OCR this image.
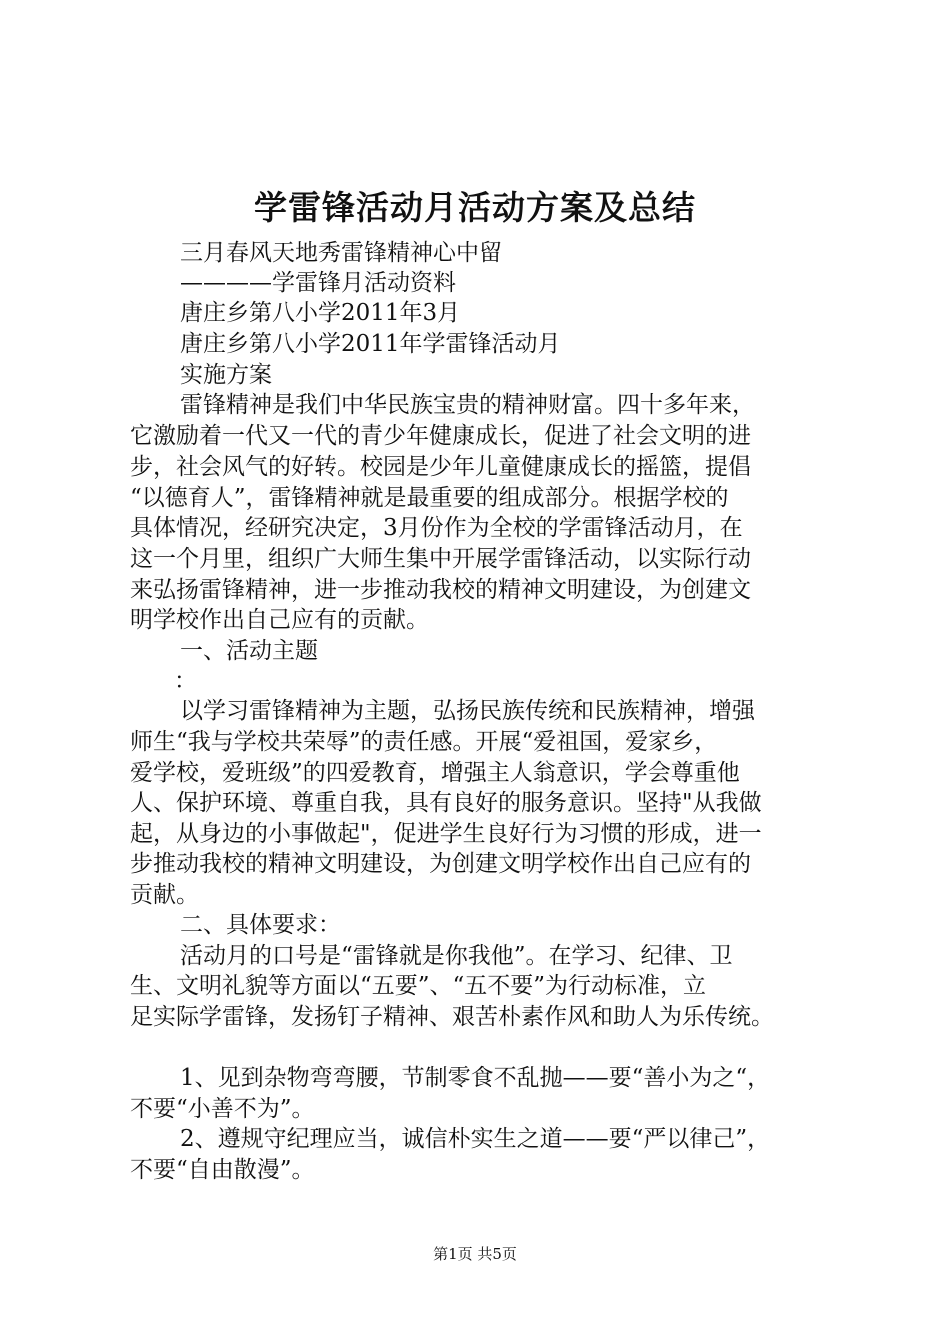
学雷锋活动月活动方案及总结
三月春风天地秀雷锋精神心中留
————学雷锋月活动资料
唐庄乡第八小学2011年3月
唐庄乡第八小学2011年学雷锋活动月
实施方案
雷锋精神是我们中华民族宝贵的精神财富。四十多年来，
它激励着一代又一代的青少年健康成长，促进了社会文明的进
步，社会风气的好转。校园是少年儿童健康成长的摇篮，提倡
“以德育人”，雷锋精神就是最重要的组成部分。根据学校的
具体情况，经研究决定，3月份作为全校的学雷锋活动月，在
这一个月里，组织广大师生集中开展学雷锋活动，以实际行动
来弘扬雷锋精神，进一步推动我校的精神文明建设，为创建文
明学校作出自己应有的贡献。
一、活动主题
：
以学习雷锋精神为主题，弘扬民族传统和民族精神，增强
师生“我与学校共荣辱”的责任感。开展“爱祖国，爱家乡，
爱学校，爱班级”的四爱教育，增强主人翁意识，学会尊重他
人、保护环境、尊重自我，具有良好的服务意识。坚持"从我做
起，从身边的小事做起"，促进学生良好行为习惯的形成，进一
步推动我校的精神文明建设，为创建文明学校作出自己应有的
贡献。
二、具体要求：
活动月的口号是“雷锋就是你我他”。在学习、纪律、卫
生、文明礼貌等方面以“五要”、“五不要”为行动标准，立
足实际学雷锋，发扬钉子精神、艰苦朴素作风和助人为乐传统。
1、见到杂物弯弯腰，节制零食不乱抛——要“善小为之“，
不要“小善不为”。
2、遵规守纪理应当，诚信朴实生之道——要“严以律己”，
不要“自由散漫”。
第1页 共5页
